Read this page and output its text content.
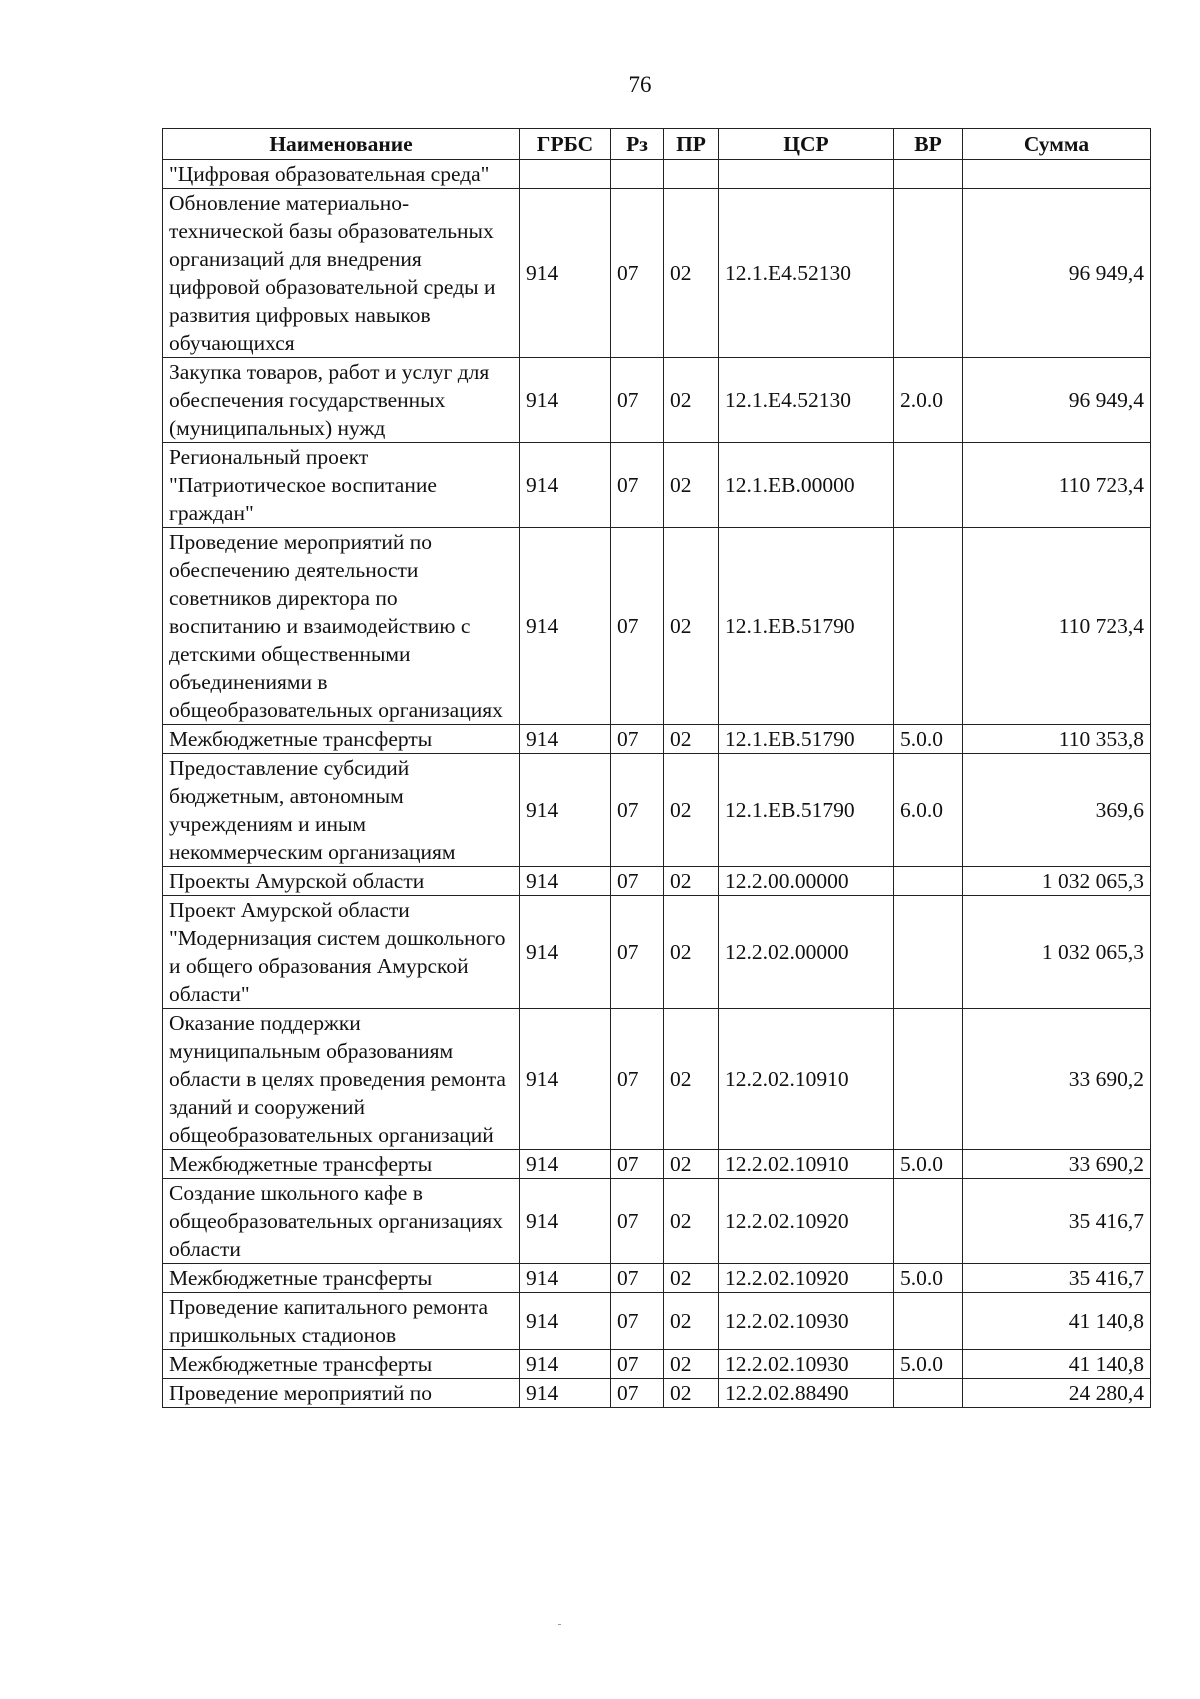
76
Наименование	ГРБС	Рз	ПР	ЦСР	ВР	Сумма
"Цифровая образовательная среда"						
Обновление материально-технической базы образовательных организаций для внедрения цифровой образовательной среды и развития цифровых навыков обучающихся	914	07	02	12.1.Е4.52130		96 949,4
Закупка товаров, работ и услуг для обеспечения государственных (муниципальных) нужд	914	07	02	12.1.Е4.52130	2.0.0	96 949,4
Региональный проект "Патриотическое воспитание граждан"	914	07	02	12.1.ЕВ.00000		110 723,4
Проведение мероприятий по обеспечению деятельности советников директора по воспитанию и взаимодействию с детскими общественными объединениями в общеобразовательных организациях	914	07	02	12.1.ЕВ.51790		110 723,4
Межбюджетные трансферты	914	07	02	12.1.ЕВ.51790	5.0.0	110 353,8
Предоставление субсидий бюджетным, автономным учреждениям и иным некоммерческим организациям	914	07	02	12.1.ЕВ.51790	6.0.0	369,6
Проекты Амурской области	914	07	02	12.2.00.00000		1 032 065,3
Проект Амурской области "Модернизация систем дошкольного и общего образования Амурской области"	914	07	02	12.2.02.00000		1 032 065,3
Оказание поддержки муниципальным образованиям области в целях проведения ремонта зданий и сооружений общеобразовательных организаций	914	07	02	12.2.02.10910		33 690,2
Межбюджетные трансферты	914	07	02	12.2.02.10910	5.0.0	33 690,2
Создание школьного кафе в общеобразовательных организациях области	914	07	02	12.2.02.10920		35 416,7
Межбюджетные трансферты	914	07	02	12.2.02.10920	5.0.0	35 416,7
Проведение капитального ремонта пришкольных стадионов	914	07	02	12.2.02.10930		41 140,8
Межбюджетные трансферты	914	07	02	12.2.02.10930	5.0.0	41 140,8
Проведение мероприятий по	914	07	02	12.2.02.88490		24 280,4
